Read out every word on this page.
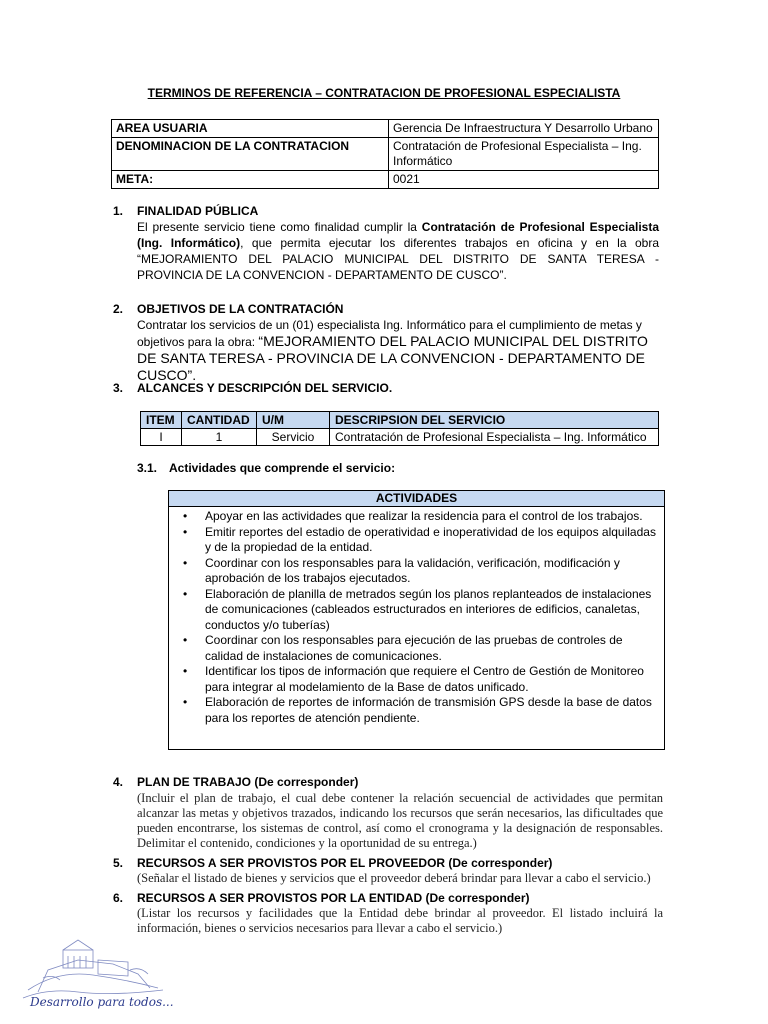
TERMINOS DE REFERENCIA – CONTRATACION DE PROFESIONAL ESPECIALISTA
AREA USUARIA	Gerencia De Infraestructura Y Desarrollo Urbano
DENOMINACION DE LA CONTRATACION	Contratación de Profesional Especialista – Ing. Informático
META:	0021
1. FINALIDAD PÚBLICA
El presente servicio tiene como finalidad cumplir la Contratación de Profesional Especialista (Ing. Informático), que permita ejecutar los diferentes trabajos en oficina y en la obra “MEJORAMIENTO DEL PALACIO MUNICIPAL DEL DISTRITO DE SANTA TERESA - PROVINCIA DE LA CONVENCION - DEPARTAMENTO DE CUSCO”.
2. OBJETIVOS DE LA CONTRATACIÓN
Contratar los servicios de un (01) especialista Ing. Informático para el cumplimiento de metas y objetivos para la obra: “MEJORAMIENTO DEL PALACIO MUNICIPAL DEL DISTRITO DE SANTA TERESA - PROVINCIA DE LA CONVENCION - DEPARTAMENTO DE CUSCO”.
3. ALCANCES Y DESCRIPCIÓN DEL SERVICIO.
ITEM	CANTIDAD	U/M	DESCRIPSION DEL SERVICIO
I	1	Servicio	Contratación de Profesional Especialista – Ing. Informático
3.1. Actividades que comprende el servicio:
ACTIVIDADES
• Apoyar en las actividades que realizar la residencia para el control de los trabajos.
• Emitir reportes del estadio de operatividad e inoperatividad de los equipos alquiladas y de la propiedad de la entidad.
• Coordinar con los responsables para la validación, verificación, modificación y aprobación de los trabajos ejecutados.
• Elaboración de planilla de metrados según los planos replanteados de instalaciones de comunicaciones (cableados estructurados en interiores de edificios, canaletas, conductos y/o tuberías)
• Coordinar con los responsables para ejecución de las pruebas de controles de calidad de instalaciones de comunicaciones.
• Identificar los tipos de información que requiere el Centro de Gestión de Monitoreo para integrar al modelamiento de la Base de datos unificado.
• Elaboración de reportes de información de transmisión GPS desde la base de datos para los reportes de atención pendiente.
4. PLAN DE TRABAJO (De corresponder)
(Incluir el plan de trabajo, el cual debe contener la relación secuencial de actividades que permitan alcanzar las metas y objetivos trazados, indicando los recursos que serán necesarios, las dificultades que pueden encontrarse, los sistemas de control, así como el cronograma y la designación de responsables. Delimitar el contenido, condiciones y la oportunidad de su entrega.)
5. RECURSOS A SER PROVISTOS POR EL PROVEEDOR (De corresponder)
(Señalar el listado de bienes y servicios que el proveedor deberá brindar para llevar a cabo el servicio.)
6. RECURSOS A SER PROVISTOS POR LA ENTIDAD (De corresponder)
(Listar los recursos y facilidades que la Entidad debe brindar al proveedor. El listado incluirá la información, bienes o servicios necesarios para llevar a cabo el servicio.)
Desarrollo para todos...
